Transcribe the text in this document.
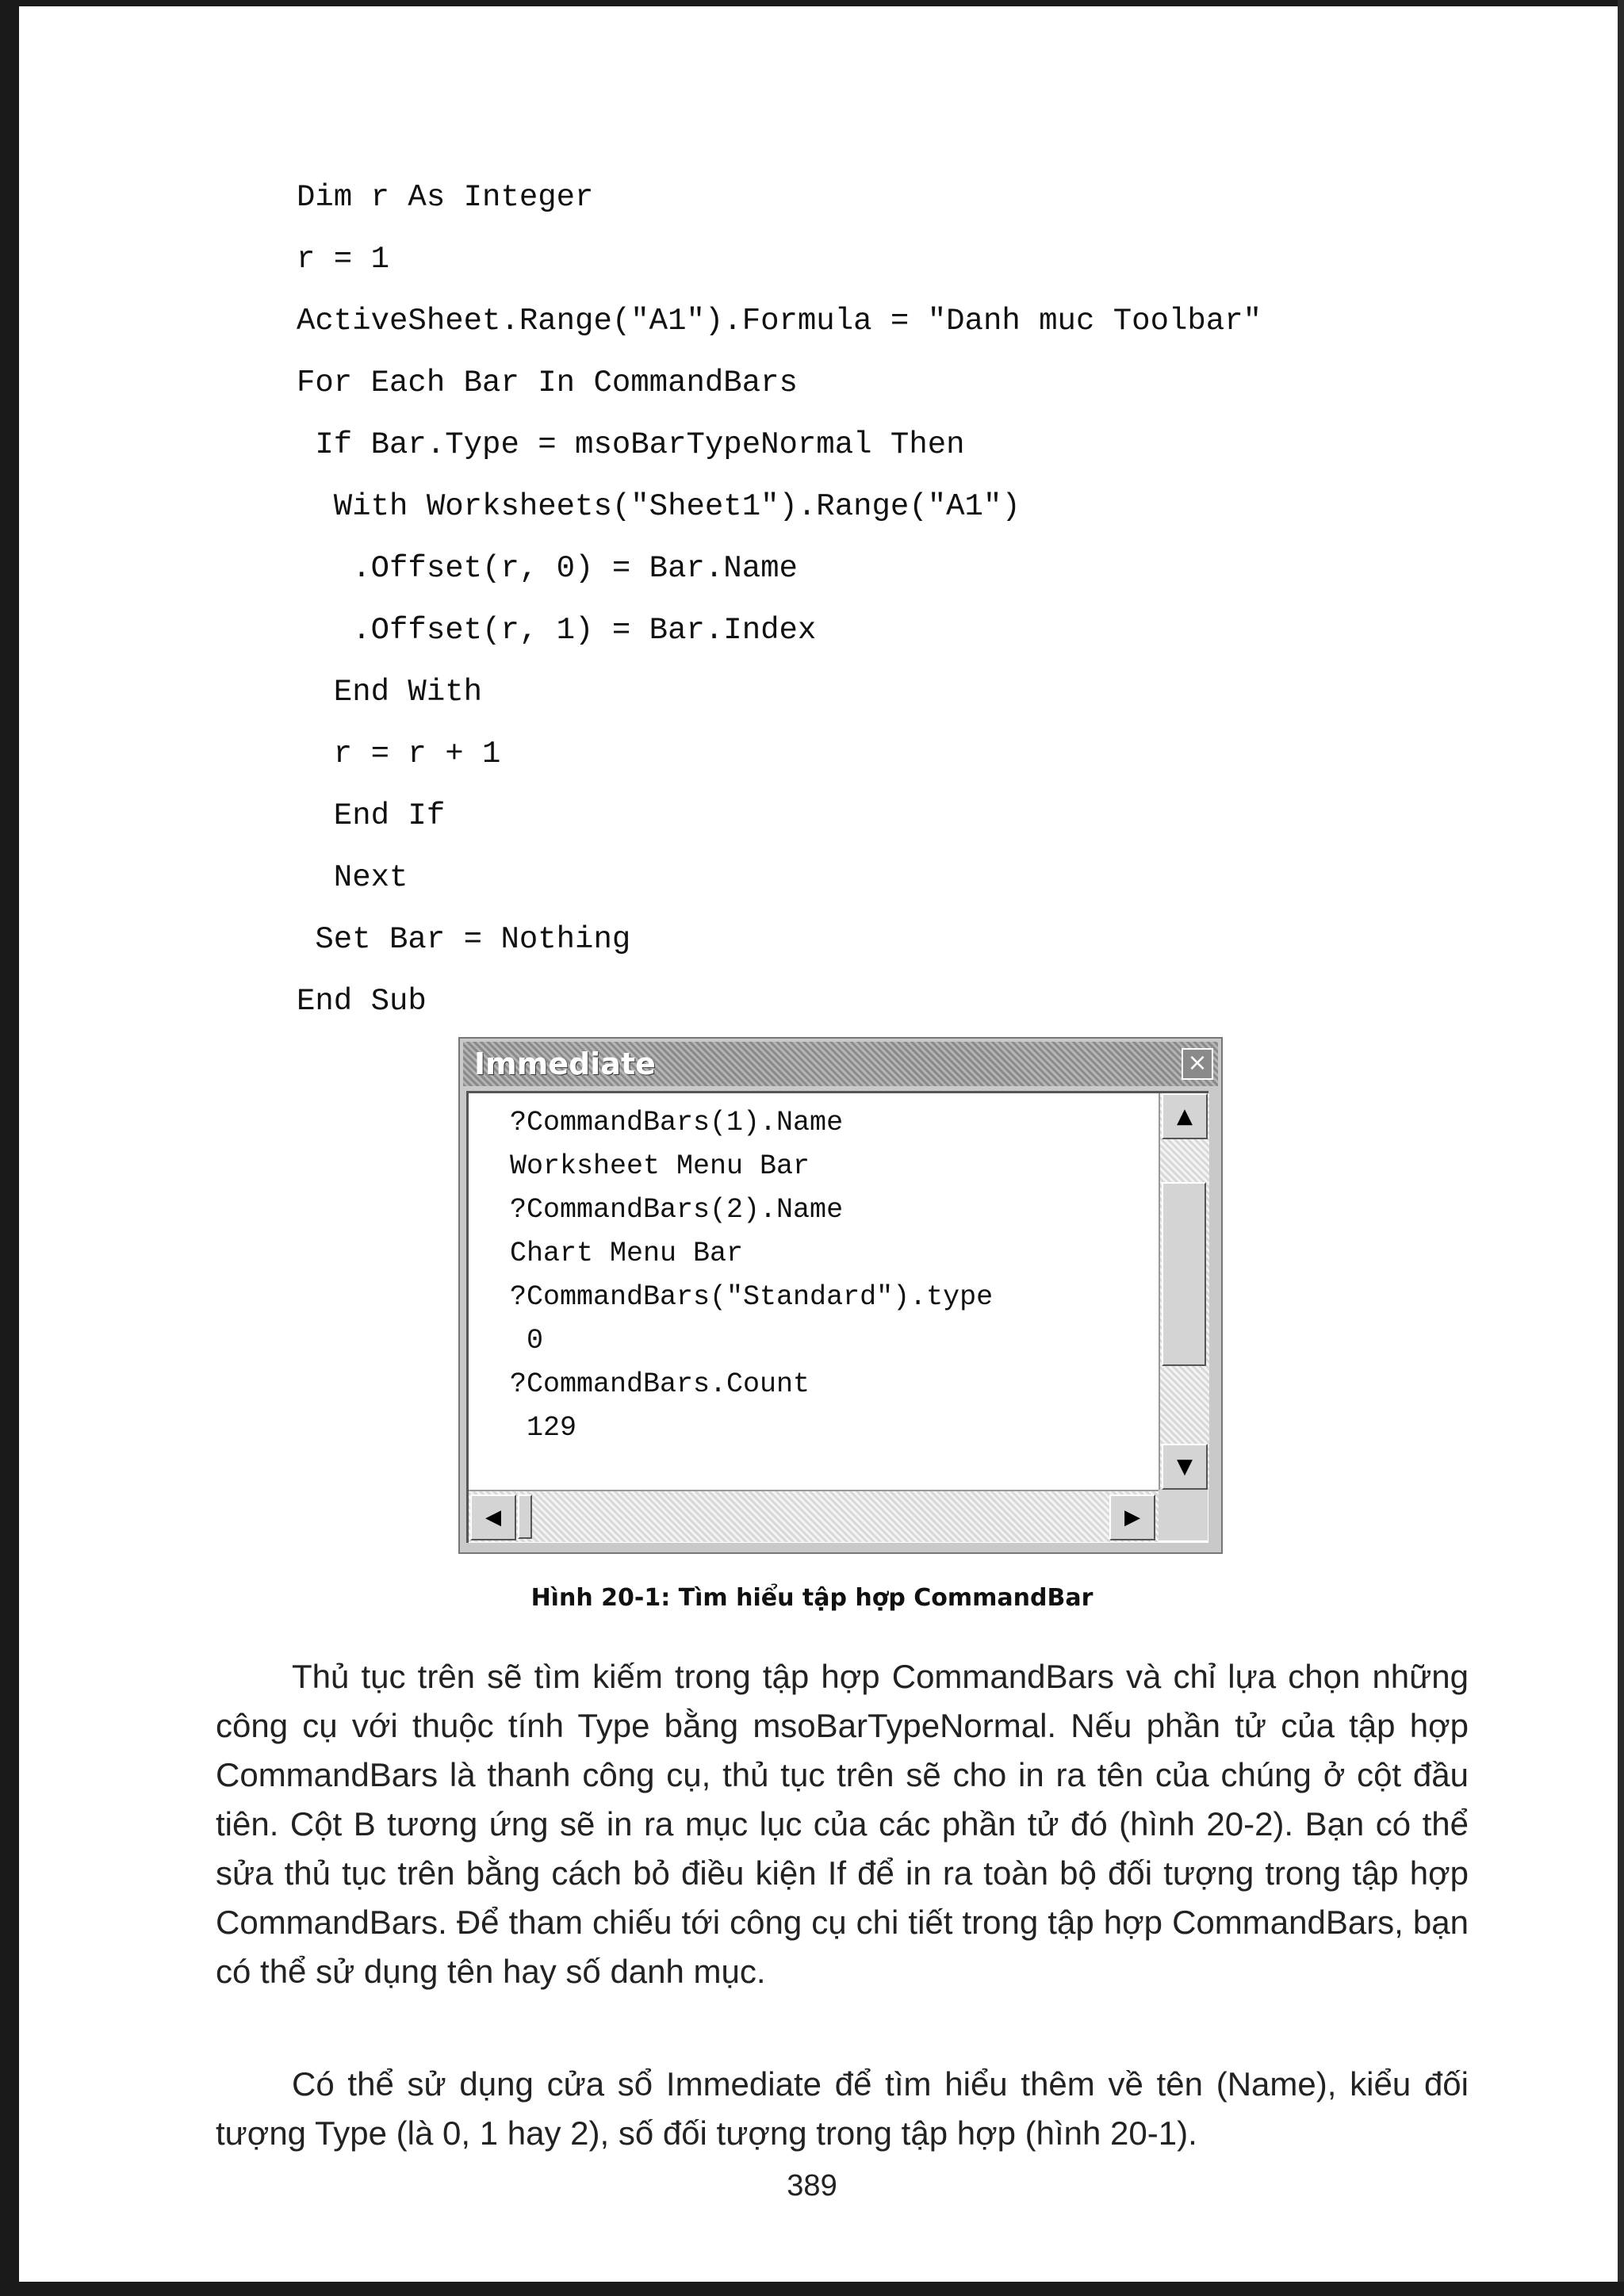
Dim r As Integer
r = 1
ActiveSheet.Range("A1").Formula = "Danh muc Toolbar"
For Each Bar In CommandBars
If Bar.Type = msoBarTypeNormal Then
With Worksheets("Sheet1").Range("A1")
.Offset(r, 0) = Bar.Name
.Offset(r, 1) = Bar.Index
End With
r = r + 1
End If
Next
Set Bar = Nothing
End Sub
Immediate	×
?CommandBars(1).Name
Worksheet Menu Bar
?CommandBars(2).Name
Chart Menu Bar
?CommandBars("Standard").type
0
?CommandBars.Count
129
▲
▼
◀	▶
Hình 20-1: Tìm hiểu tập hợp CommandBar

Thủ tục trên sẽ tìm kiếm trong tập hợp CommandBars và chỉ lựa chọn những công cụ với thuộc tính Type bằng msoBarTypeNormal. Nếu phần tử của tập hợp CommandBars là thanh công cụ, thủ tục trên sẽ cho in ra tên của chúng ở cột đầu tiên. Cột B tương ứng sẽ in ra mục lục của các phần tử đó (hình 20-2). Bạn có thể sửa thủ tục trên bằng cách bỏ điều kiện If để in ra toàn bộ đối tượng trong tập hợp CommandBars. Để tham chiếu tới công cụ chi tiết trong tập hợp CommandBars, bạn có thể sử dụng tên hay số danh mục.

Có thể sử dụng cửa sổ Immediate để tìm hiểu thêm về tên (Name), kiểu đối tượng Type (là 0, 1 hay 2), số đối tượng trong tập hợp (hình 20-1).

389
